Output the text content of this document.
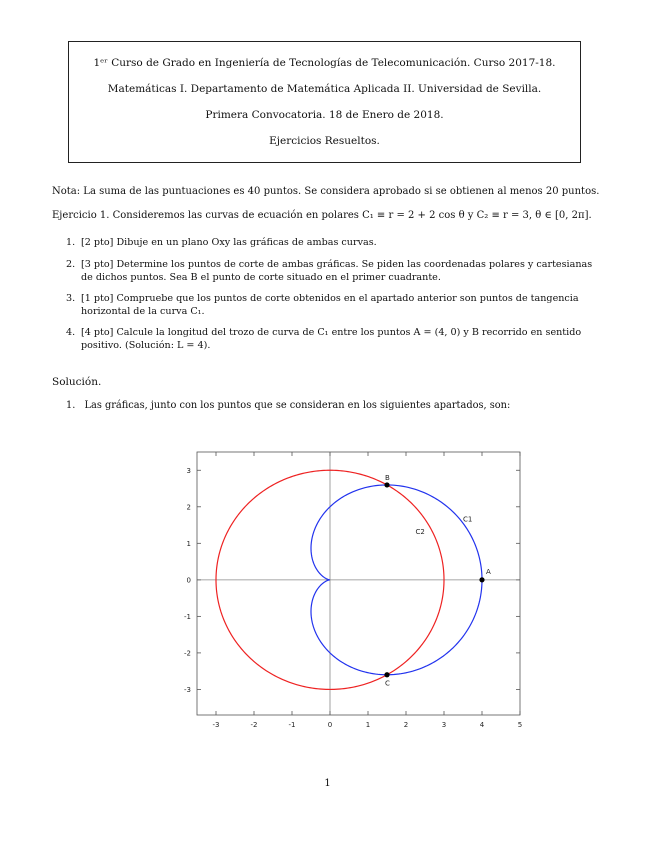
1ᵉʳ Curso de Grado en Ingeniería de Tecnologías de Telecomunicación. Curso 2017-18.
Matemáticas I. Departamento de Matemática Aplicada II. Universidad de Sevilla.
Primera Convocatoria. 18 de Enero de 2018.
Ejercicios Resueltos.
Nota: La suma de las puntuaciones es 40 puntos. Se considera aprobado si se obtienen al menos 20 puntos.
Ejercicio 1. Consideremos las curvas de ecuación en polares C₁ ≡ r = 2 + 2 cos θ y C₂ ≡ r = 3, θ ∈ [0, 2π].
1. [2 pto] Dibuje en un plano Oxy las gráficas de ambas curvas.
2. [3 pto] Determine los puntos de corte de ambas gráficas. Se piden las coordenadas polares y cartesianas de dichos puntos. Sea B el punto de corte situado en el primer cuadrante.
3. [1 pto] Compruebe que los puntos de corte obtenidos en el apartado anterior son puntos de tangencia horizontal de la curva C₁.
4. [4 pto] Calcule la longitud del trozo de curva de C₁ entre los puntos A = (4, 0) y B recorrido en sentido positivo. (Solución: L = 4).
Solución.
1. Las gráficas, junto con los puntos que se consideran en los siguientes apartados, son:
-3	-2	-1	0	1	2	3	4	5
-3
-2
-1
0
1
2
3
C1
C2
A
B
C
1
